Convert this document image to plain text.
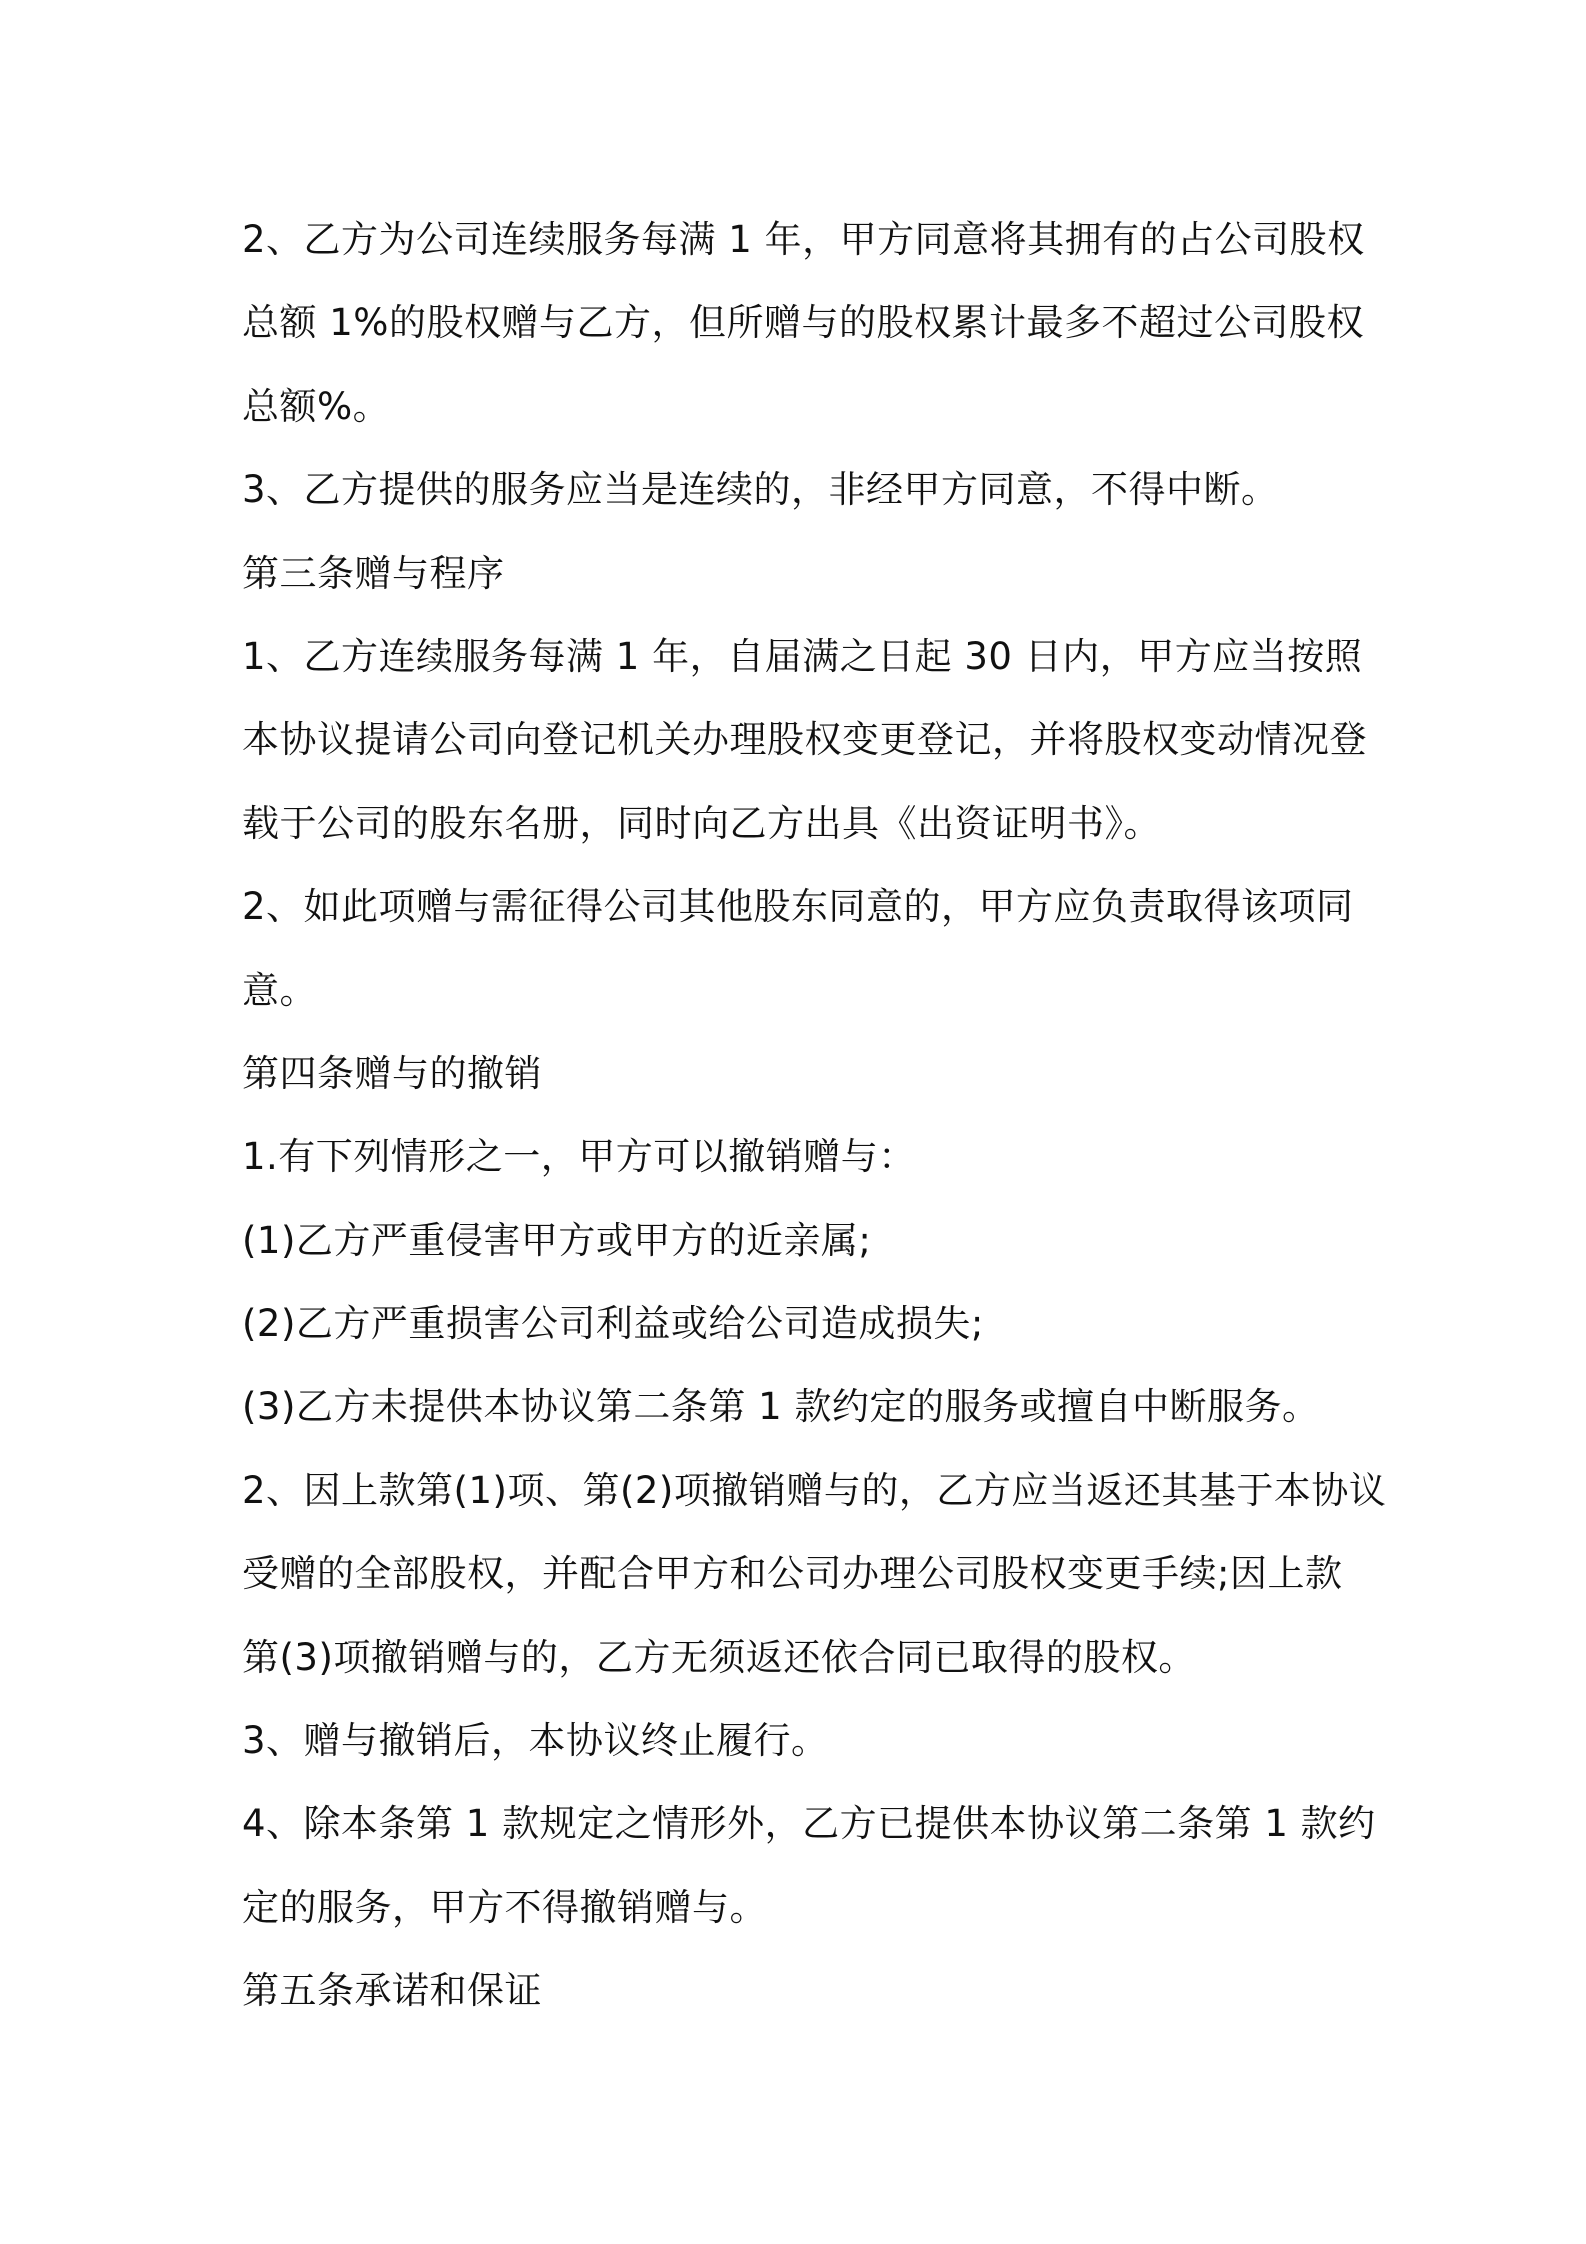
2、乙方为公司连续服务每满 1 年，甲方同意将其拥有的占公司股权
总额 1%的股权赠与乙方，但所赠与的股权累计最多不超过公司股权
总额%。
3、乙方提供的服务应当是连续的，非经甲方同意，不得中断。
第三条赠与程序
1、乙方连续服务每满 1 年，自届满之日起 30 日内，甲方应当按照
本协议提请公司向登记机关办理股权变更登记，并将股权变动情况登
载于公司的股东名册，同时向乙方出具《出资证明书》。
2、如此项赠与需征得公司其他股东同意的，甲方应负责取得该项同
意。
第四条赠与的撤销
1.有下列情形之一，甲方可以撤销赠与：
(1)乙方严重侵害甲方或甲方的近亲属;
(2)乙方严重损害公司利益或给公司造成损失;
(3)乙方未提供本协议第二条第 1 款约定的服务或擅自中断服务。
2、因上款第(1)项、第(2)项撤销赠与的，乙方应当返还其基于本协议
受赠的全部股权，并配合甲方和公司办理公司股权变更手续;因上款
第(3)项撤销赠与的，乙方无须返还依合同已取得的股权。
3、赠与撤销后，本协议终止履行。
4、除本条第 1 款规定之情形外，乙方已提供本协议第二条第 1 款约
定的服务，甲方不得撤销赠与。
第五条承诺和保证
